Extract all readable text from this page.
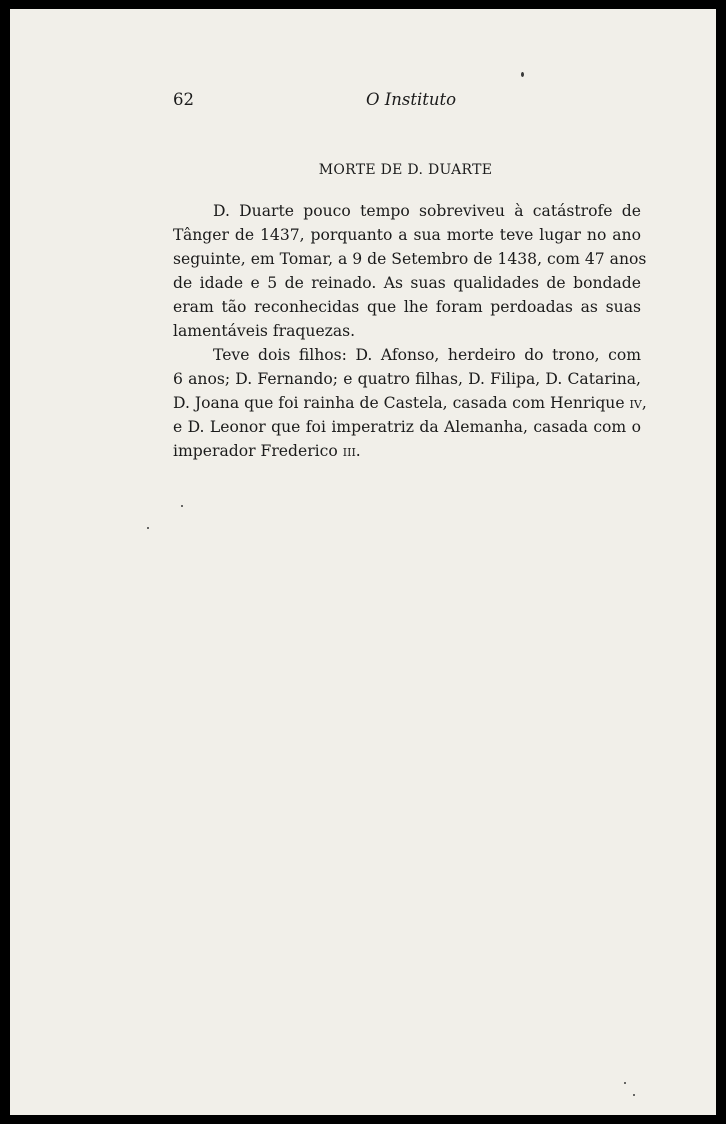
62	O Instituto
MORTE DE D. DUARTE
D. Duarte pouco tempo sobreviveu à catástrofe de
Tânger de 1437, porquanto a sua morte teve lugar no ano
seguinte, em Tomar, a 9 de Setembro de 1438, com 47 anos
de idade e 5 de reinado. As suas qualidades de bondade
eram tão reconhecidas que lhe foram perdoadas as suas
lamentáveis fraquezas.
Teve dois filhos: D. Afonso, herdeiro do trono, com
6 anos; D. Fernando; e quatro filhas, D. Filipa, D. Catarina,
D. Joana que foi rainha de Castela, casada com Henrique iv,
e D. Leonor que foi imperatriz da Alemanha, casada com o
imperador Frederico iii.
